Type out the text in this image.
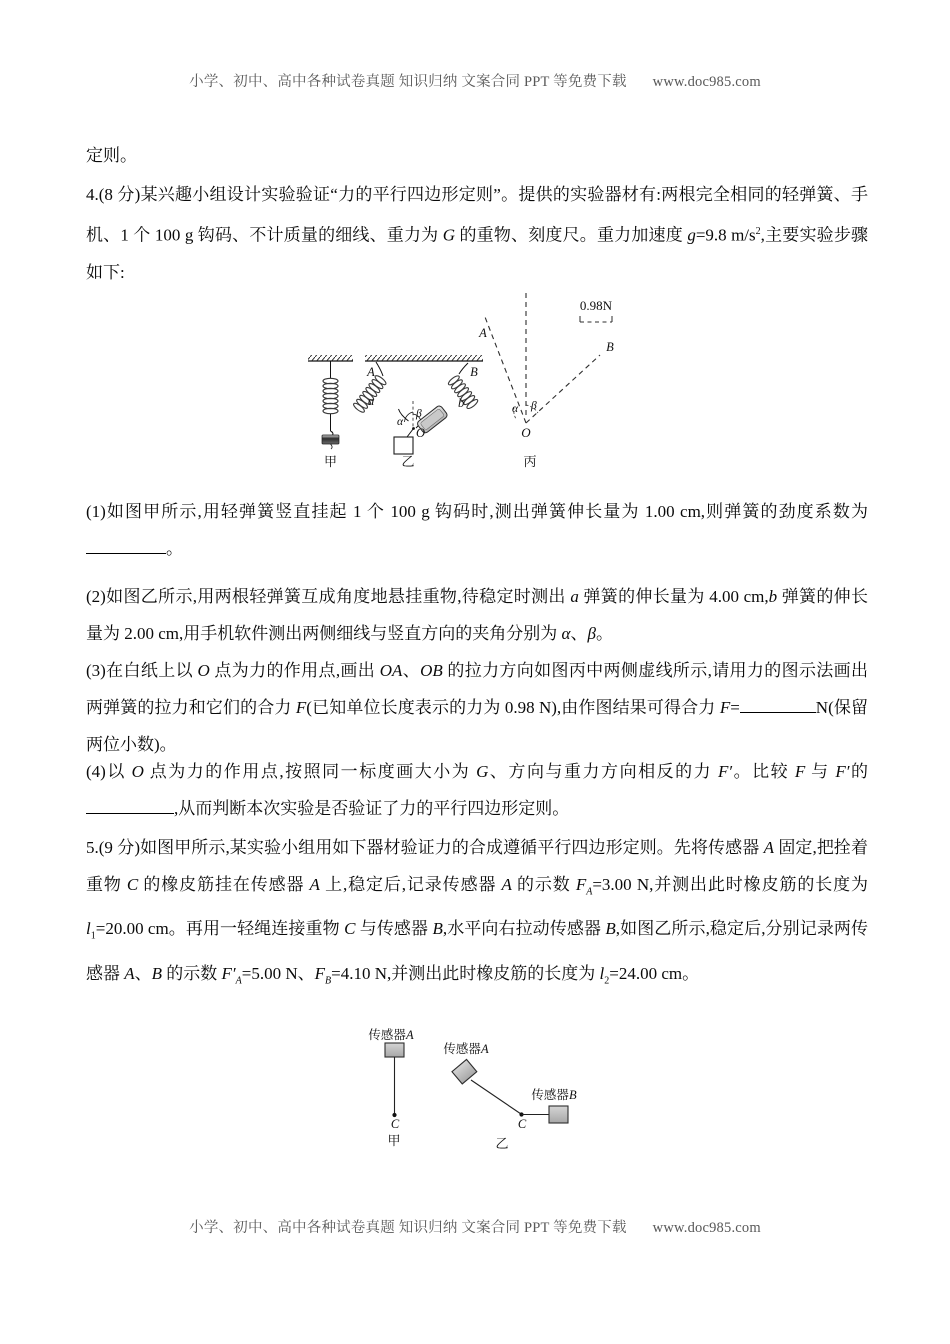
小学、初中、高中各种试卷真题 知识归纳 文案合同 PPT 等免费下载 www.doc985.com

定则。

4.(8 分)某兴趣小组设计实验验证“力的平行四边形定则”。提供的实验器材有:两根完全相同的轻弹簧、手机、1 个 100 g 钩码、不计质量的细线、重力为 G 的重物、刻度尺。重力加速度 g=9.8 $m/s^2$,主要实验步骤如下:

甲
A
a
B
b
α
β
O
乙
A
B
α β
O
0.98N
丙

(1)如图甲所示,用轻弹簧竖直挂起 1 个 100 g 钩码时,测出弹簧伸长量为 1.00 cm,则弹簧的劲度系数为。

(2)如图乙所示,用两根轻弹簧互成角度地悬挂重物,待稳定时测出 a 弹簧的伸长量为 4.00 cm,b 弹簧的伸长量为 2.00 cm,用手机软件测出两侧细线与竖直方向的夹角分别为 α、β。

(3)在白纸上以 O 点为力的作用点,画出 OA、OB 的拉力方向如图丙中两侧虚线所示,请用力的图示法画出两弹簧的拉力和它们的合力 F(已知单位长度表示的力为 0.98 N),由作图结果可得合力 F=	N(保留两位小数)。

(4)以 O 点为力的作用点,按照同一标度画大小为 G、方向与重力方向相反的力 F′。比较 F 与 F′的,从而判断本次实验是否验证了力的平行四边形定则。

5.(9 分)如图甲所示,某实验小组用如下器材验证力的合成遵循平行四边形定则。先将传感器 A 固定,把拴着重物 C 的橡皮筋挂在传感器 A 上,稳定后,记录传感器 A 的示数 $F_A=3.00$ N,并测出此时橡皮筋的长度为 $l_1=20.00$ cm。再用一轻绳连接重物 C 与传感器 B,水平向右拉动传感器 B,如图乙所示,稳定后,分别记录两传感器 A、B 的示数 $F'_A=5.00$ N、$F_B=4.10$ N,并测出此时橡皮筋的长度为 $l_2=24.00$ cm。

传感器A
C
甲
传感器A
C
传感器B
乙
小学、初中、高中各种试卷真题 知识归纳 文案合同 PPT 等免费下载 www.doc985.com
